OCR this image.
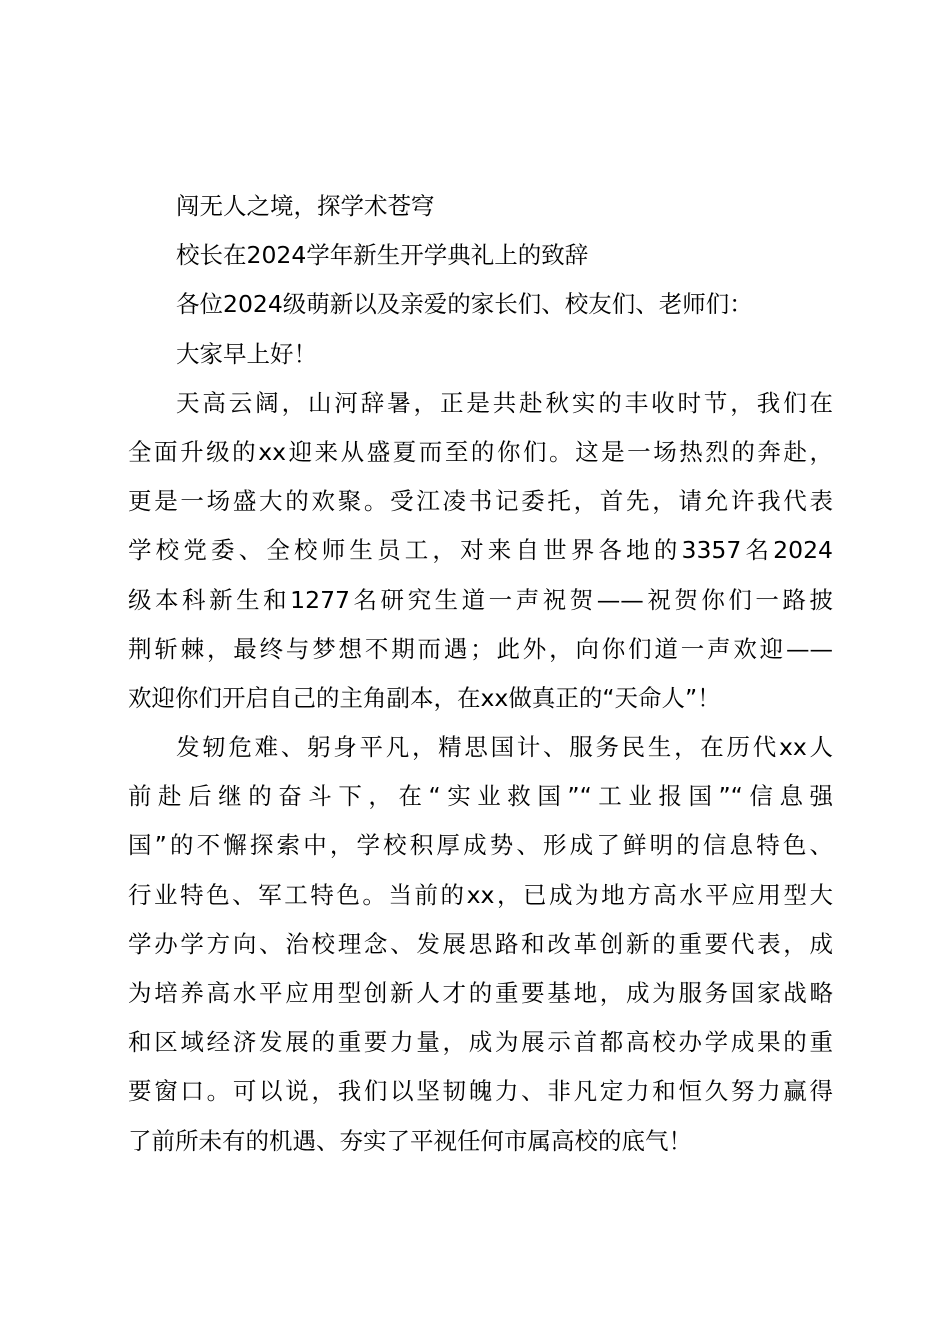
闯无人之境，探学术苍穹
校长在2024学年新生开学典礼上的致辞
各位2024级萌新以及亲爱的家长们、校友们、老师们：
大家早上好！
天高云阔，山河辞暑，正是共赴秋实的丰收时节，我们在
全面升级的xx迎来从盛夏而至的你们。这是一场热烈的奔赴，
更是一场盛大的欢聚。受江凌书记委托，首先，请允许我代表
学校党委、全校师生员工，对来自世界各地的3357名2024
级本科新生和1277名研究生道一声祝贺——祝贺你们一路披
荆斩棘，最终与梦想不期而遇；此外，向你们道一声欢迎——
欢迎你们开启自己的主角副本，在xx做真正的“天命人”！
发轫危难、躬身平凡，精思国计、服务民生，在历代xx人
前赴后继的奋斗下，在“实业救国”“工业报国”“信息强
国”的不懈探索中，学校积厚成势、形成了鲜明的信息特色、
行业特色、军工特色。当前的xx，已成为地方高水平应用型大
学办学方向、治校理念、发展思路和改革创新的重要代表，成
为培养高水平应用型创新人才的重要基地，成为服务国家战略
和区域经济发展的重要力量，成为展示首都高校办学成果的重
要窗口。可以说，我们以坚韧魄力、非凡定力和恒久努力赢得
了前所未有的机遇、夯实了平视任何市属高校的底气！
